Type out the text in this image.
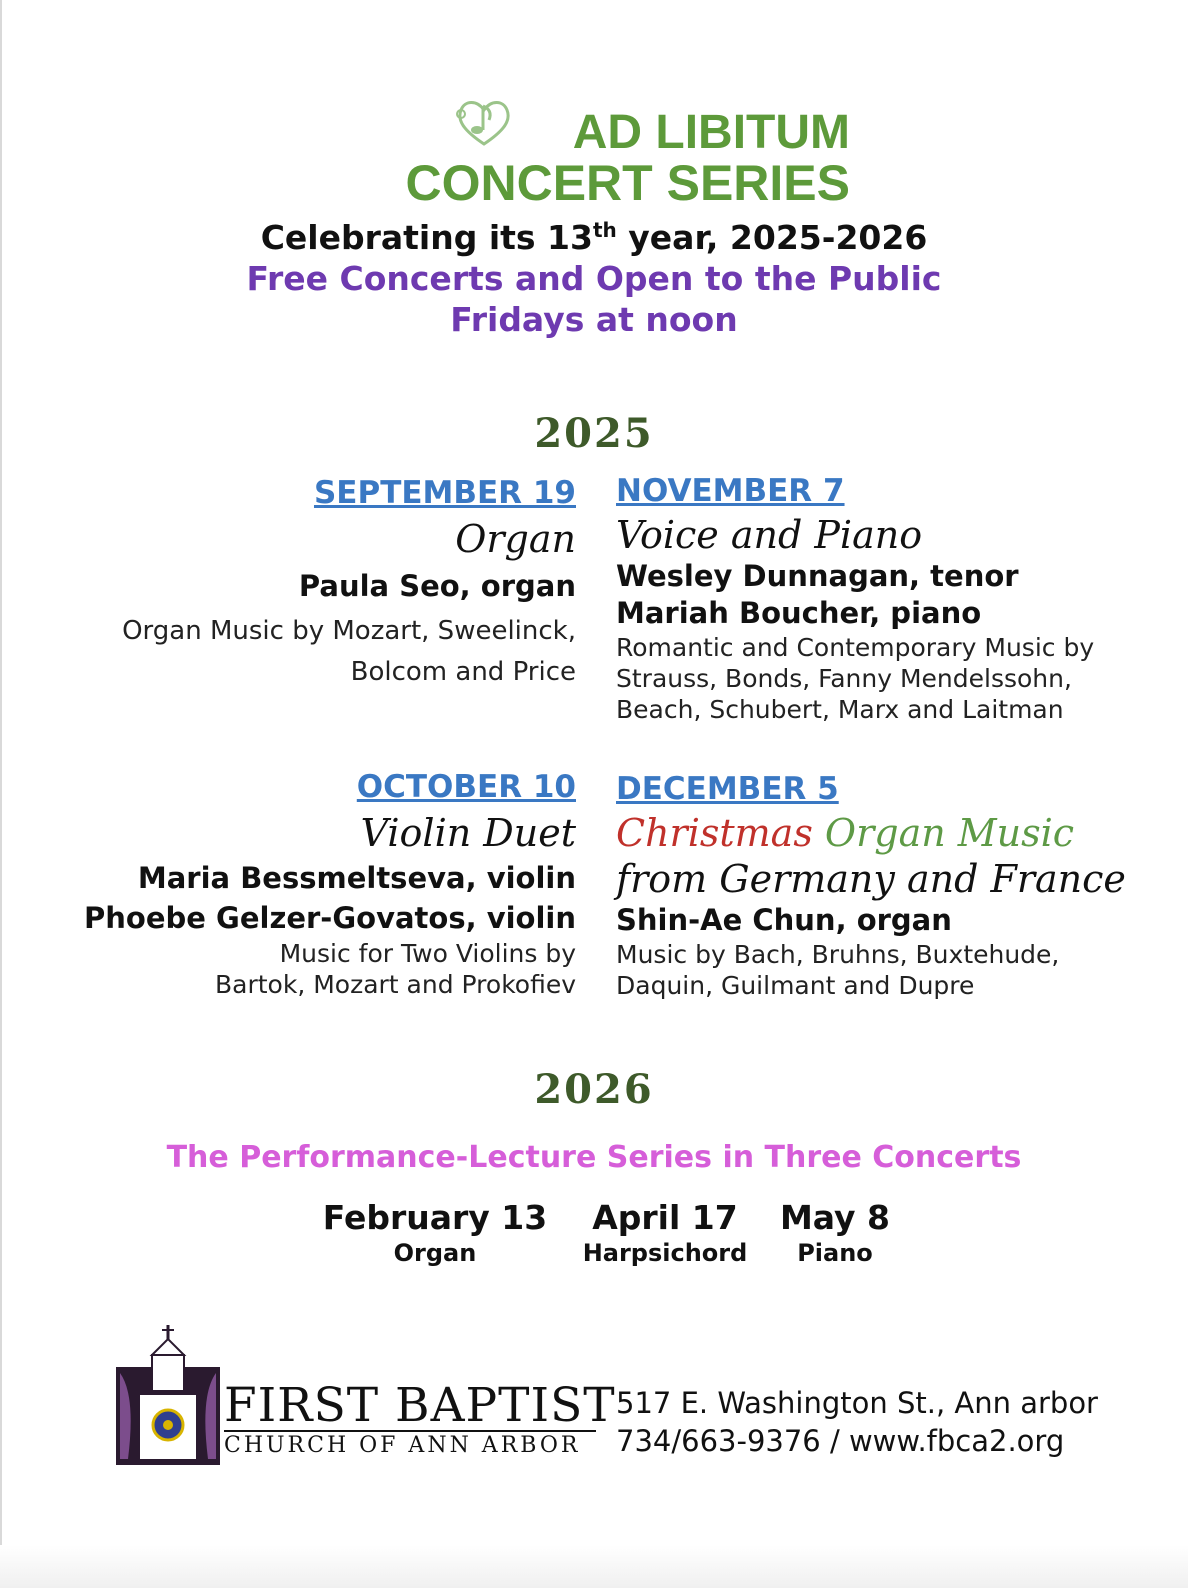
AD LIBITUM
CONCERT SERIES
Celebrating its 13th year, 2025-2026
Free Concerts and Open to the Public
Fridays at noon
2025
SEPTEMBER 19
Organ
Paula Seo, organ
Organ Music by Mozart, Sweelinck,
Bolcom and Price
NOVEMBER 7
Voice and Piano
Wesley Dunnagan, tenor
Mariah Boucher, piano
Romantic and Contemporary Music by
Strauss, Bonds, Fanny Mendelssohn,
Beach, Schubert, Marx and Laitman
OCTOBER 10
Violin Duet
Maria Bessmeltseva, violin
Phoebe Gelzer-Govatos, violin
Music for Two Violins by
Bartok, Mozart and Prokofiev
DECEMBER 5
Christmas Organ Music
from Germany and France
Shin-Ae Chun, organ
Music by Bach, Bruhns, Buxtehude,
Daquin, Guilmant and Dupre
2026
The Performance-Lecture Series in Three Concerts
February 13
Organ
April 17
Harpsichord
May 8
Piano
FIRST BAPTIST
CHURCH OF ANN ARBOR
517 E. Washington St., Ann arbor
734/663-9376 / www.fbca2.org
